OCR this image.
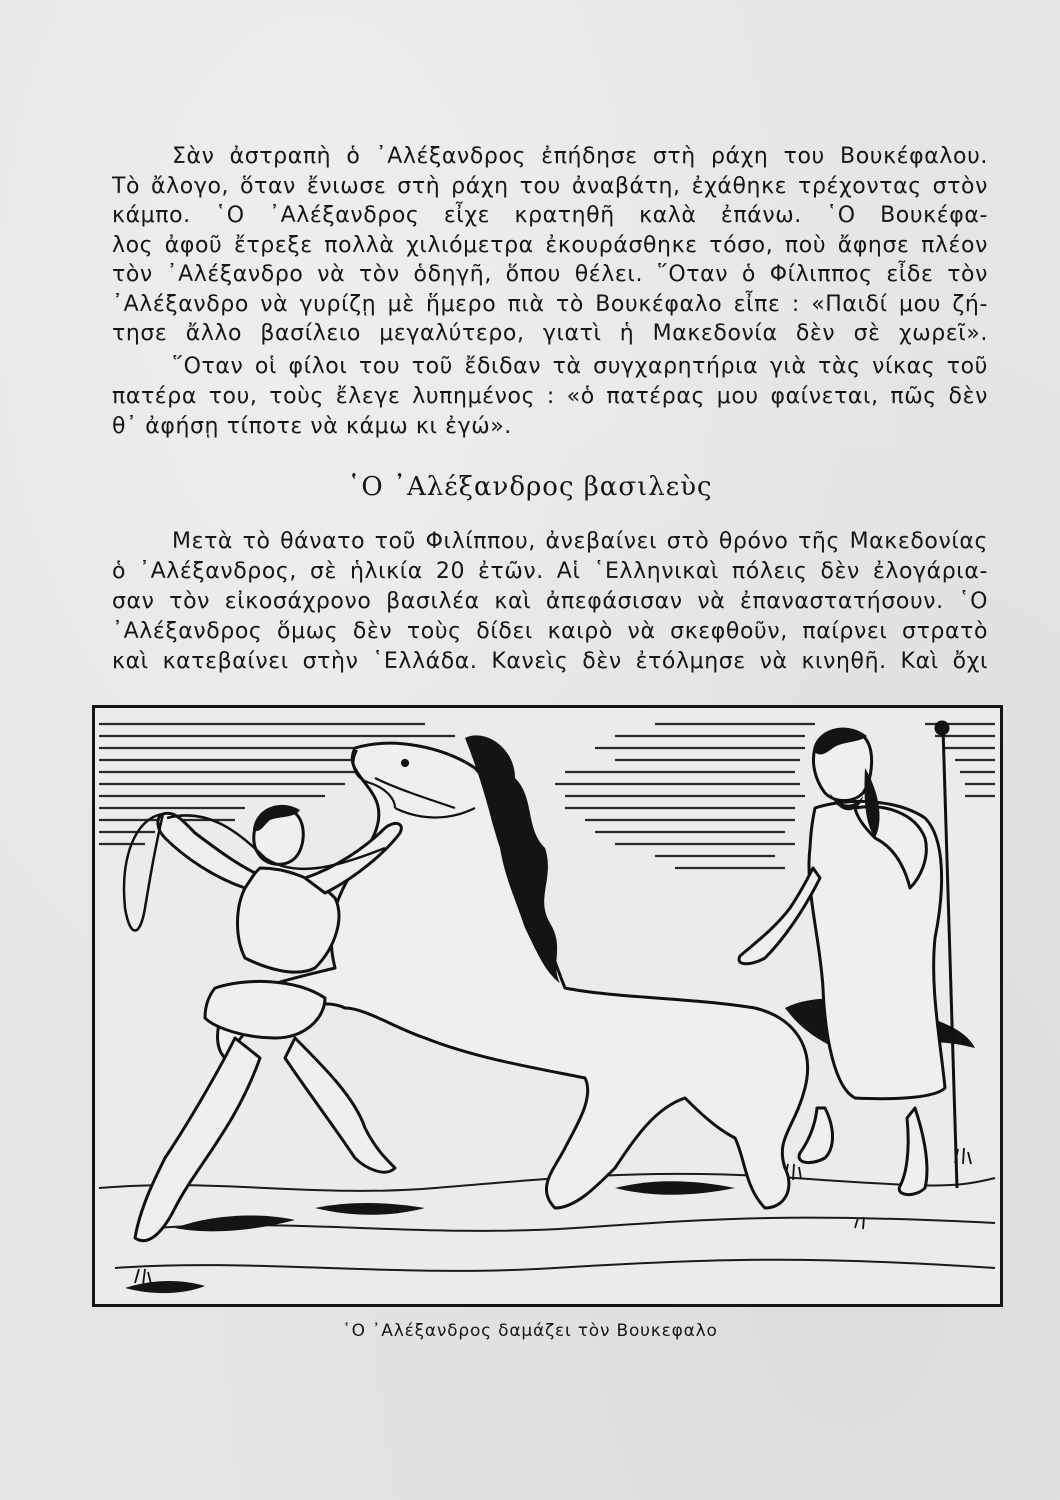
Σὰν ἀστραπὴ ὁ ᾿Αλέξανδρος ἐπήδησε στὴ ράχη του Βουκέφαλου.
Τὸ ἄλογο, ὅταν ἔνιωσε στὴ ράχη του ἀναβάτη, ἐχάθηκε τρέχοντας στὸν
κάμπο. ῾Ο ᾿Αλέξανδρος εἶχε κρατηθῆ καλὰ ἐπάνω. ῾Ο Βουκέφα-
λος ἀφοῦ ἔτρεξε πολλὰ χιλιόμετρα ἐκουράσθηκε τόσο, ποὺ ἄφησε πλέον
τὸν ᾿Αλέξανδρο νὰ τὸν ὁδηγῆ, ὅπου θέλει. ῞Οταν ὁ Φίλιππος εἶδε τὸν
᾿Αλέξανδρο νὰ γυρίζῃ μὲ ἥμερο πιὰ τὸ Βουκέφαλο εἶπε : «Παιδί μου ζή-
τησε ἄλλο βασίλειο μεγαλύτερο, γιατὶ ἡ Μακεδονία δὲν σὲ χωρεῖ».
῞Οταν οἱ φίλοι του τοῦ ἔδιδαν τὰ συγχαρητήρια γιὰ τὰς νίκας τοῦ
πατέρα του, τοὺς ἔλεγε λυπημένος : «ὁ πατέρας μου φαίνεται, πῶς δὲν
θ᾿ ἀφήσῃ τίποτε νὰ κάμω κι ἐγώ».
῾Ο ᾿Αλέξανδρος βασιλεὺς
Μετὰ τὸ θάνατο τοῦ Φιλίππου, ἀνεβαίνει στὸ θρόνο τῆς Μακεδονίας
ὁ ᾿Αλέξανδρος, σὲ ἡλικία 20 ἐτῶν. Αἱ ῾Ελληνικαὶ πόλεις δὲν ἐλογάρια-
σαν τὸν εἰκοσάχρονο βασιλέα καὶ ἀπεφάσισαν νὰ ἐπαναστατήσουν. ῾Ο
᾿Αλέξανδρος ὅμως δὲν τοὺς δίδει καιρὸ νὰ σκεφθοῦν, παίρνει στρατὸ
καὶ κατεβαίνει στὴν ῾Ελλάδα. Κανεὶς δὲν ἐτόλμησε νὰ κινηθῆ. Καὶ ὄχι
῾Ο ᾿Αλέξανδρος δαμάζει τὸν Βουκεφαλο
